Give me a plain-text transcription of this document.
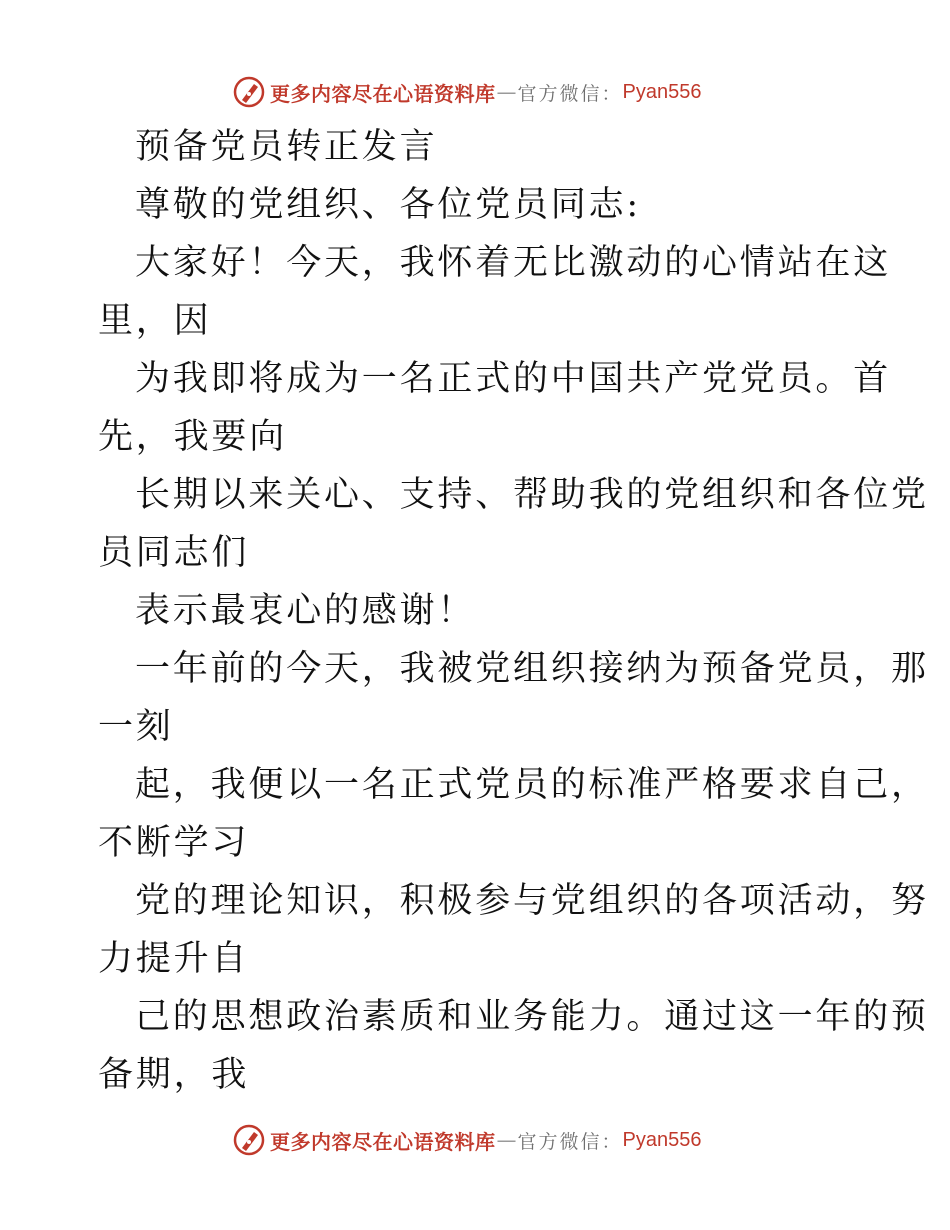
更多内容尽在心语资料库 — 官方微信： Pyan556
预备党员转正发言
尊敬的党组织、各位党员同志:
大家好！今天，我怀着无比激动的心情站在这
里，因
为我即将成为一名正式的中国共产党党员。首
先，我要向
长期以来关心、支持、帮助我的党组织和各位党
员同志们
表示最衷心的感谢！
一年前的今天，我被党组织接纳为预备党员，那
一刻
起，我便以一名正式党员的标准严格要求自己，
不断学习
党的理论知识，积极参与党组织的各项活动，努
力提升自
己的思想政治素质和业务能力。通过这一年的预
备期，我
更多内容尽在心语资料库 — 官方微信： Pyan556
